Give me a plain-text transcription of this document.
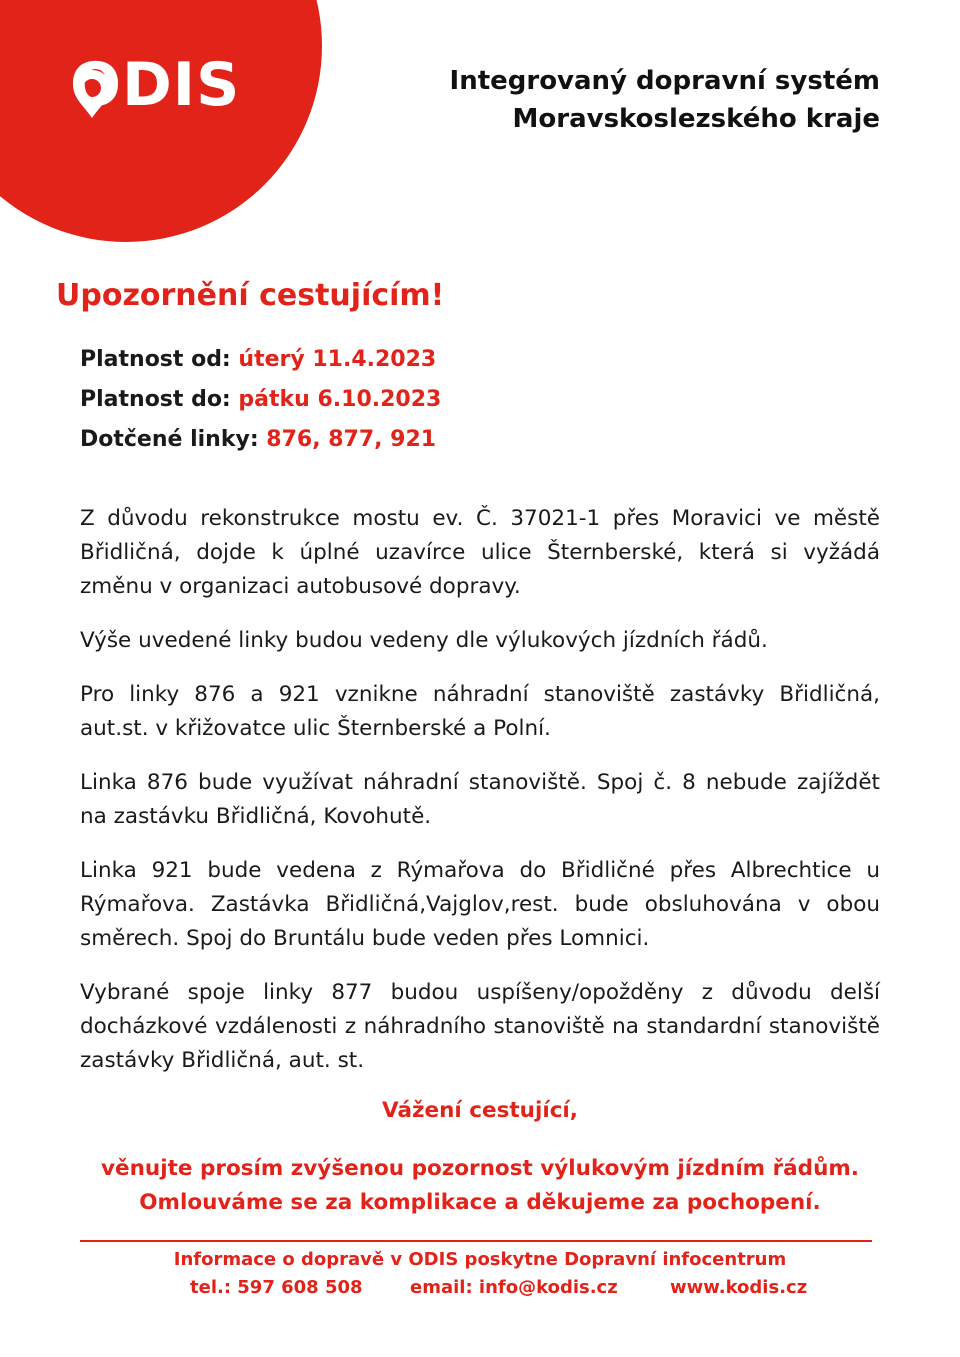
ODIS	Integrovaný dopravní systém
Moravskoslezského kraje
Upozornění cestujícím!
Platnost od: úterý 11.4.2023
Platnost do: pátku 6.10.2023
Dotčené linky: 876, 877, 921

Z důvodu rekonstrukce mostu ev. Č. 37021-1 přes Moravici ve městě Břidličná, dojde k úplné uzavírce ulice Šternberské, která si vyžádá změnu v organizaci autobusové dopravy.

Výše uvedené linky budou vedeny dle výlukových jízdních řádů.

Pro linky 876 a 921 vznikne náhradní stanoviště zastávky Břidličná, aut.st. v křižovatce ulic Šternberské a Polní.

Linka 876 bude využívat náhradní stanoviště. Spoj č. 8 nebude zajíždět na zastávku Břidličná, Kovohutě.

Linka 921 bude vedena z Rýmařova do Břidličné přes Albrechtice u Rýmařova. Zastávka Břidličná,Vajglov,rest. bude obsluhována v obou směrech. Spoj do Bruntálu bude veden přes Lomnici.

Vybrané spoje linky 877 budou uspíšeny/opožděny z důvodu delší docházkové vzdálenosti z náhradního stanoviště na standardní stanoviště zastávky Břidličná, aut. st.

Vážení cestující,
věnujte prosím zvýšenou pozornost výlukovým jízdním řádům.
Omlouváme se za komplikace a děkujeme za pochopení.
Informace o dopravě v ODIS poskytne Dopravní infocentrum
tel.: 597 608 508	email: info@kodis.cz	www.kodis.cz
